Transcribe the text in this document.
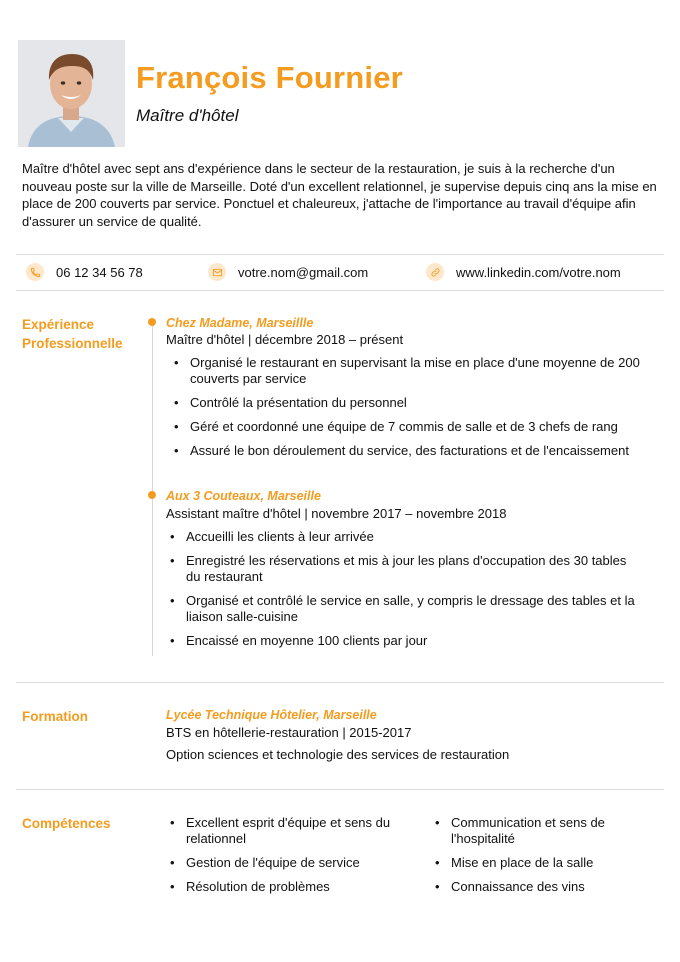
François Fournier
Maître d'hôtel

Maître d'hôtel avec sept ans d'expérience dans le secteur de la restauration, je suis à la recherche d'un nouveau poste sur la ville de Marseille. Doté d'un excellent relationnel, je supervise depuis cinq ans la mise en place de 200 couverts par service. Ponctuel et chaleureux, j'attache de l'importance au travail d'équipe afin d'assurer un service de qualité.

06 12 34 56 78	votre.nom@gmail.com	www.linkedin.com/votre.nom
Expérience Professionnelle
Chez Madame, Marseillle
Maître d'hôtel | décembre 2018 – présent
• Organisé le restaurant en supervisant la mise en place d'une moyenne de 200 couverts par service
• Contrôlé la présentation du personnel
• Géré et coordonné une équipe de 7 commis de salle et de 3 chefs de rang
• Assuré le bon déroulement du service, des facturations et de l'encaissement
Aux 3 Couteaux, Marseille
Assistant maître d'hôtel | novembre 2017 – novembre 2018
• Accueilli les clients à leur arrivée
• Enregistré les réservations et mis à jour les plans d'occupation des 30 tables du restaurant
• Organisé et contrôlé le service en salle, y compris le dressage des tables et la liaison salle-cuisine
• Encaissé en moyenne 100 clients par jour
Formation	Lycée Technique Hôtelier, Marseille
BTS en hôtellerie-restauration | 2015-2017
Option sciences et technologie des services de restauration
Compétences
•	Excellent esprit d'équipe et sens du relationnel
• Gestion de l'équipe de service
• Résolution de problèmes
• Communication et sens de l'hospitalité
• Mise en place de la salle
• Connaissance des vins
